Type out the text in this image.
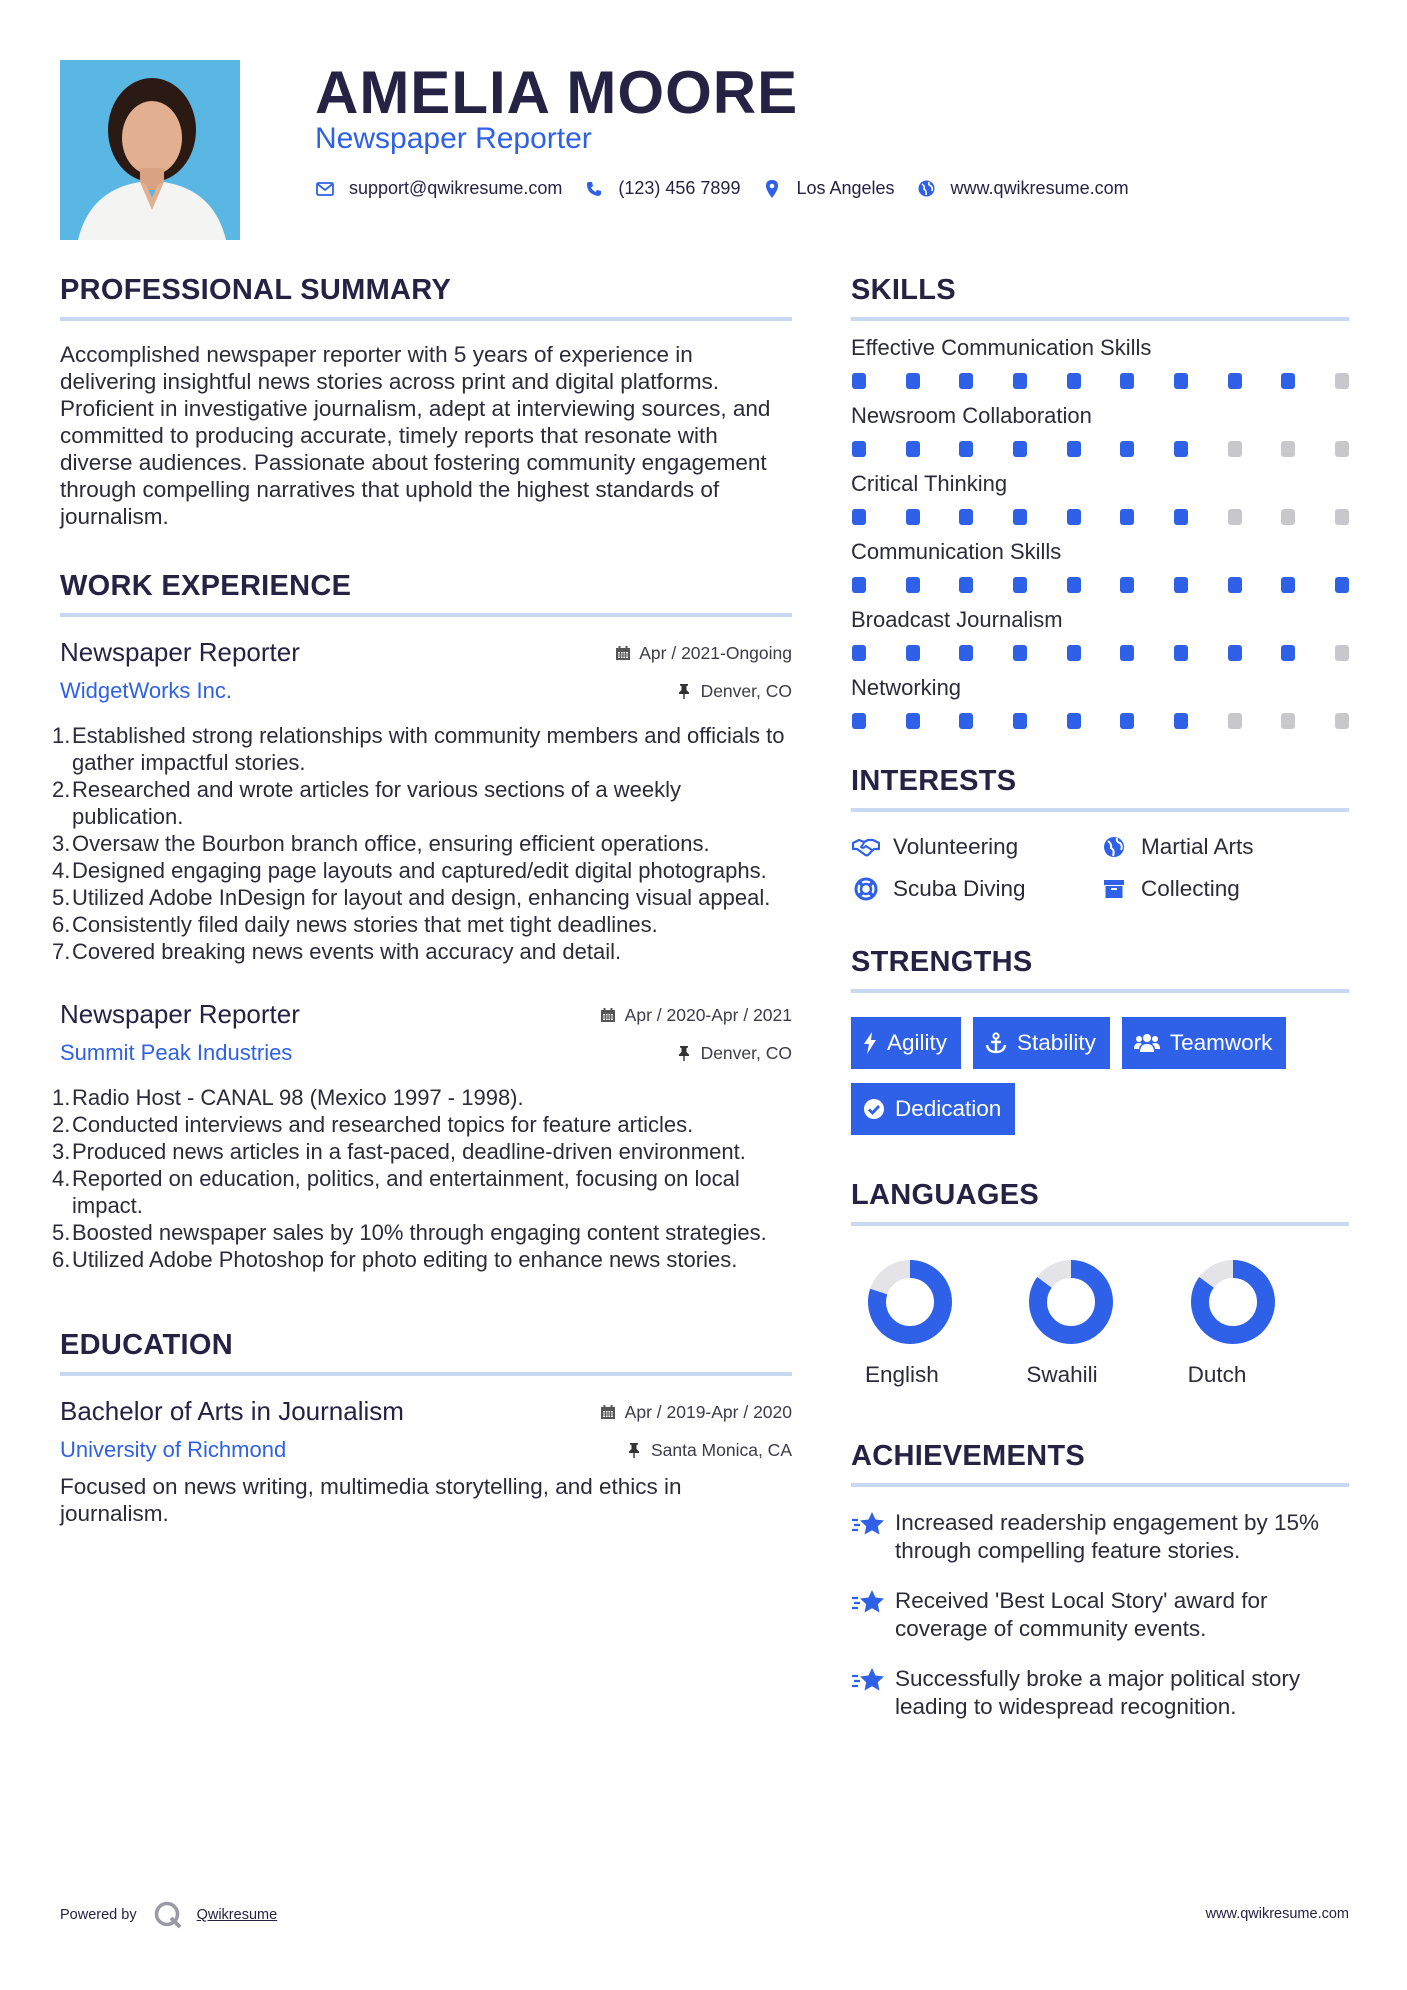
AMELIA MOORE
Newspaper Reporter
support@qwikresume.com	(123) 456 7899	Los Angeles	www.qwikresume.com
PROFESSIONAL SUMMARY

Accomplished newspaper reporter with 5 years of experience in delivering insightful news stories across print and digital platforms. Proficient in investigative journalism, adept at interviewing sources, and committed to producing accurate, timely reports that resonate with diverse audiences. Passionate about fostering community engagement through compelling narratives that uphold the highest standards of journalism.

WORK EXPERIENCE
Newspaper Reporter	Apr / 2021-Ongoing
WidgetWorks Inc.	Denver, CO
1. Established strong relationships with community members and officials to gather impactful stories.
2. Researched and wrote articles for various sections of a weekly publication.
3. Oversaw the Bourbon branch office, ensuring efficient operations.
4. Designed engaging page layouts and captured/edit digital photographs.
5. Utilized Adobe InDesign for layout and design, enhancing visual appeal.
6. Consistently filed daily news stories that met tight deadlines.
7. Covered breaking news events with accuracy and detail.
Newspaper Reporter	Apr / 2020-Apr / 2021
Summit Peak Industries	Denver, CO
1. Radio Host - CANAL 98 (Mexico 1997 - 1998).
2. Conducted interviews and researched topics for feature articles.
3. Produced news articles in a fast-paced, deadline-driven environment.
4. Reported on education, politics, and entertainment, focusing on local impact.
5. Boosted newspaper sales by 10% through engaging content strategies.
6. Utilized Adobe Photoshop for photo editing to enhance news stories.
EDUCATION
Bachelor of Arts in Journalism	Apr / 2019-Apr / 2020
University of Richmond	Santa Monica, CA

Focused on news writing, multimedia storytelling, and ethics in journalism.

SKILLS
Effective Communication Skills
Newsroom Collaboration
Critical Thinking
Communication Skills
Broadcast Journalism
Networking
INTERESTS
Volunteering	Martial Arts
Scuba Diving	Collecting
STRENGTHS
Agility	Stability	Teamwork
Dedication
LANGUAGES
English	Swahili	Dutch
ACHIEVEMENTS
Increased readership engagement by 15% through compelling feature stories.
Received 'Best Local Story' award for coverage of community events.
Successfully broke a major political story leading to widespread recognition.
Powered by	Qwikresume	www.qwikresume.com
